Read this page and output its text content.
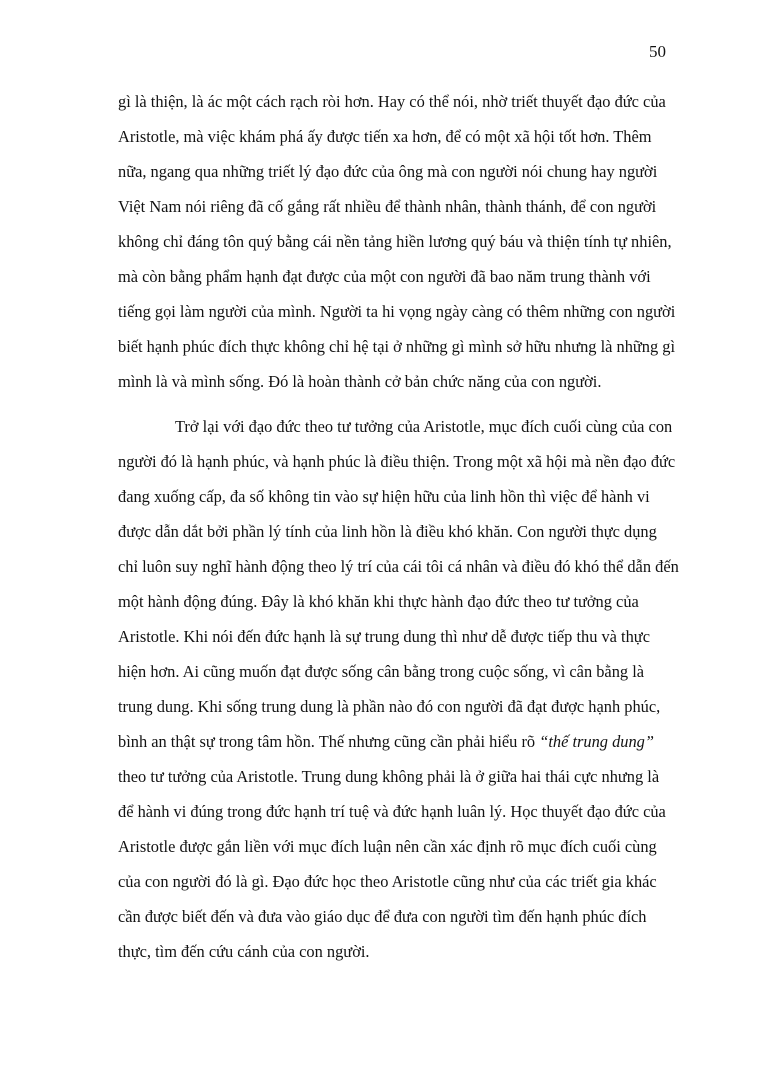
50
gì là thiện, là ác một cách rạch ròi hơn. Hay có thể nói, nhờ triết thuyết đạo đức của
Aristotle, mà việc khám phá ấy được tiến xa hơn, để có một xã hội tốt hơn. Thêm
nữa, ngang qua những triết lý đạo đức của ông mà con người nói chung hay người
Việt Nam nói riêng đã cố gắng rất nhiều để thành nhân, thành thánh, để con người
không chỉ đáng tôn quý bằng cái nền tảng hiền lương quý báu và thiện tính tự nhiên,
mà còn bằng phẩm hạnh đạt được của một con người đã bao năm trung thành với
tiếng gọi làm người của mình. Người ta hi vọng ngày càng có thêm những con người
biết hạnh phúc đích thực không chỉ hệ tại ở những gì mình sở hữu nhưng là những gì
mình là và mình sống. Đó là hoàn thành cở bản chức năng của con người.
Trở lại với đạo đức theo tư tưởng của Aristotle, mục đích cuối cùng của con
người đó là hạnh phúc, và hạnh phúc là điều thiện. Trong một xã hội mà nền đạo đức
đang xuống cấp, đa số không tin vào sự hiện hữu của linh hồn thì việc để hành vi
được dẫn dắt bởi phần lý tính của linh hồn là điều khó khăn. Con người thực dụng
chỉ luôn suy nghĩ hành động theo lý trí của cái tôi cá nhân và điều đó khó thể dẫn đến
một hành động đúng. Đây là khó khăn khi thực hành đạo đức theo tư tưởng của
Aristotle. Khi nói đến đức hạnh là sự trung dung thì như dễ được tiếp thu và thực
hiện hơn. Ai cũng muốn đạt được sống cân bằng trong cuộc sống, vì cân bằng là
trung dung. Khi sống trung dung là phần nào đó con người đã đạt được hạnh phúc,
bình an thật sự trong tâm hồn. Thế nhưng cũng cần phải hiểu rõ “thế trung dung”
theo tư tưởng của Aristotle. Trung dung không phải là ở giữa hai thái cực nhưng là
để hành vi đúng trong đức hạnh trí tuệ và đức hạnh luân lý. Học thuyết đạo đức của
Aristotle được gắn liền với mục đích luận nên cần xác định rõ mục đích cuối cùng
của con người đó là gì. Đạo đức học theo Aristotle cũng như của các triết gia khác
cần được biết đến và đưa vào giáo dục để đưa con người tìm đến hạnh phúc đích
thực, tìm đến cứu cánh của con người.
